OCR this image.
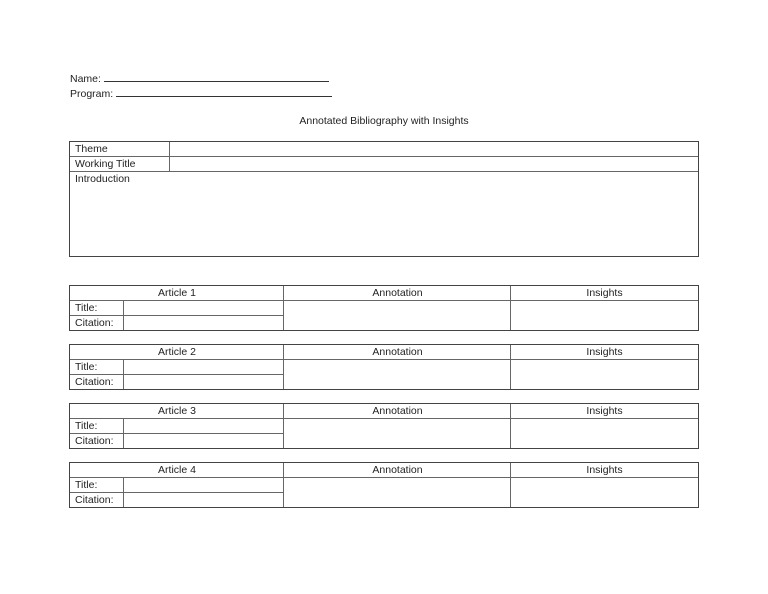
Name:
Program:
Annotated Bibliography with Insights
Theme
Working Title
Introduction
Article 1	Annotation	Insights
Title:
Citation:
Article 2	Annotation	Insights
Title:
Citation:
Article 3	Annotation	Insights
Title:
Citation:
Article 4	Annotation	Insights
Title:
Citation:
